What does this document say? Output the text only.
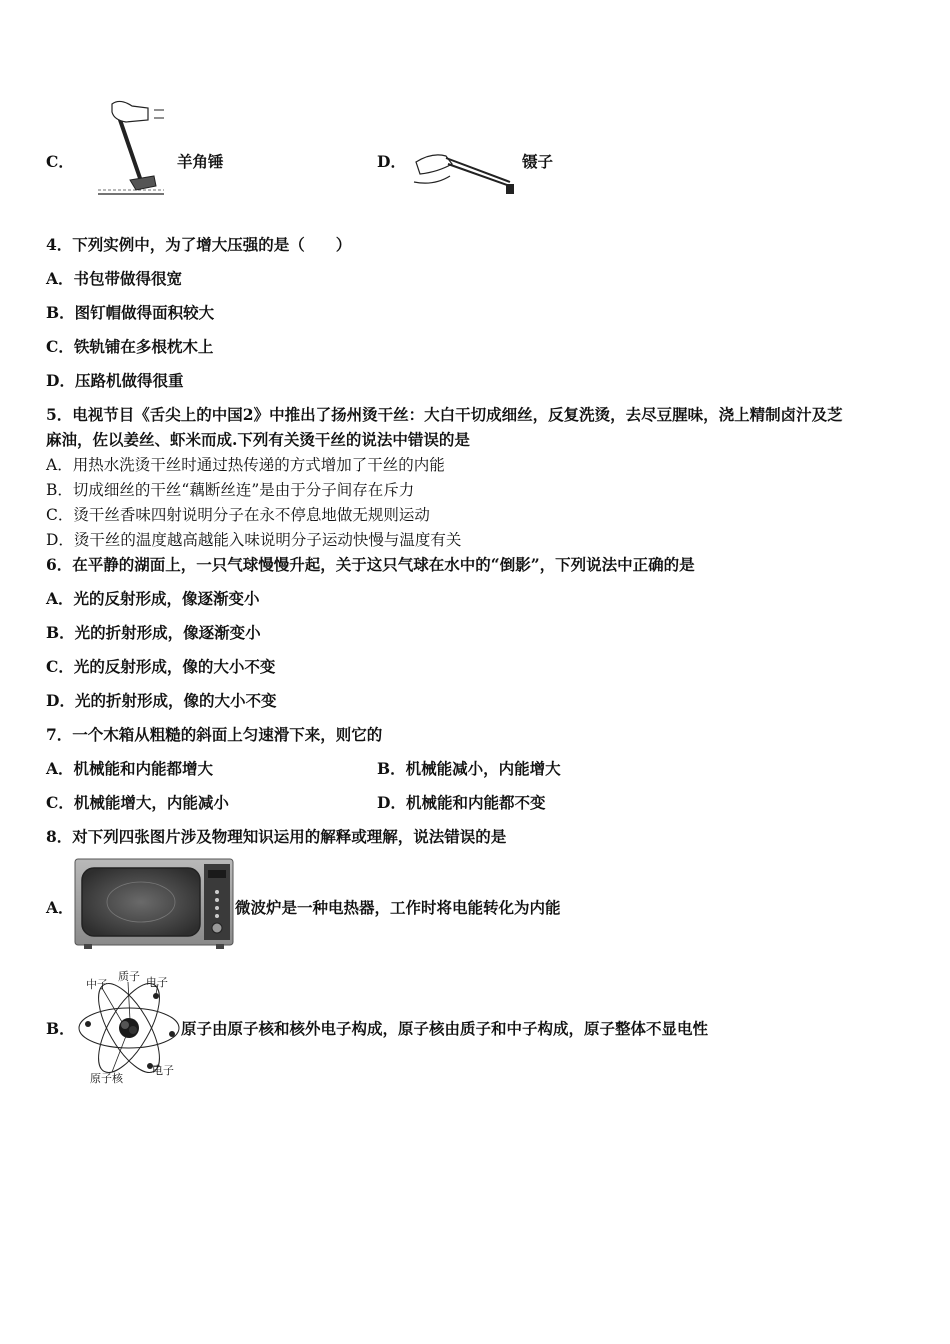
C．	羊角锤	D．	镊子
4．下列实例中，为了增大压强的是（　　）
A．书包带做得很宽
B．图钉帽做得面积较大
C．铁轨铺在多根枕木上
D．压路机做得很重
5．电视节目《舌尖上的中国2》中推出了扬州烫干丝：大白干切成细丝，反复洗烫，去尽豆腥味，浇上精制卤汁及芝
麻油，佐以姜丝、虾米而成.下列有关烫干丝的说法中错误的是
A．用热水洗烫干丝时通过热传递的方式增加了干丝的内能
B．切成细丝的干丝“藕断丝连”是由于分子间存在斥力
C．烫干丝香味四射说明分子在永不停息地做无规则运动
D．烫干丝的温度越高越能入味说明分子运动快慢与温度有关
6．在平静的湖面上，一只气球慢慢升起，关于这只气球在水中的“倒影”，下列说法中正确的是
A．光的反射形成，像逐渐变小
B．光的折射形成，像逐渐变小
C．光的反射形成，像的大小不变
D．光的折射形成，像的大小不变
7．一个木箱从粗糙的斜面上匀速滑下来，则它的
A．机械能和内能都增大	B．机械能减小，内能增大
C．机械能增大，内能减小	D．机械能和内能都不变
8．对下列四张图片涉及物理知识运用的解释或理解，说法错误的是
A．	微波炉是一种电热器，工作时将电能转化为内能
B．
中子
质子 电子
原子核
电子
原子由原子核和核外电子构成，原子核由质子和中子构成，原子整体不显电性
